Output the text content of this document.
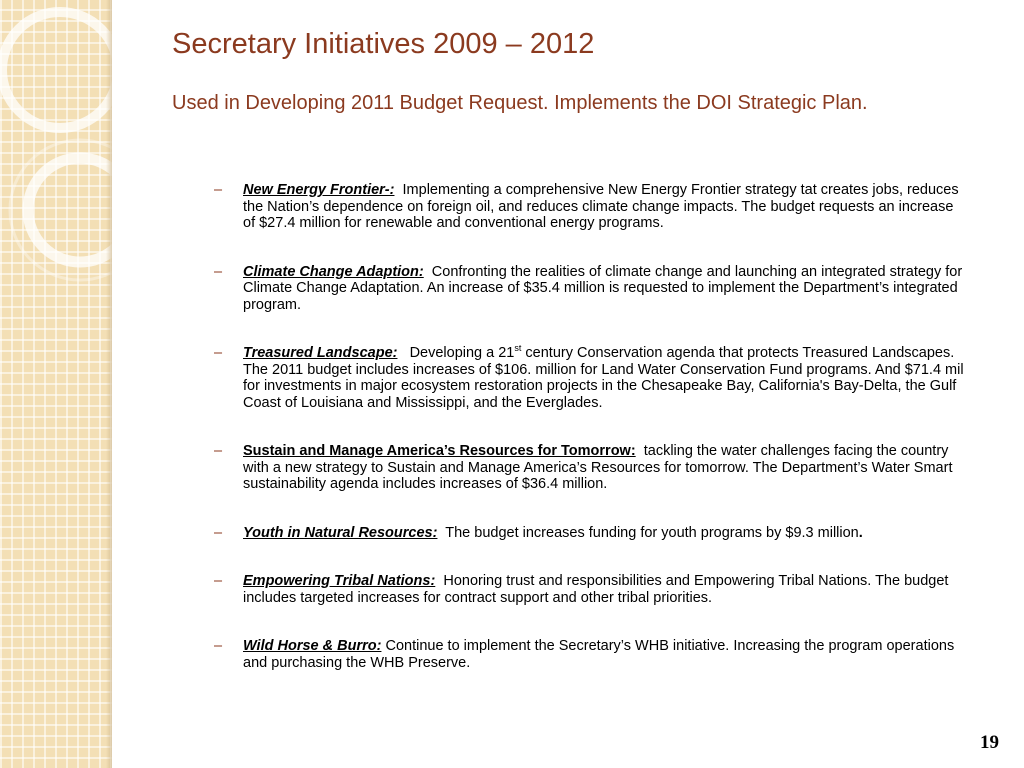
Secretary Initiatives 2009 – 2012
Used in Developing 2011 Budget Request. Implements the DOI Strategic Plan.
– New Energy Frontier-: Implementing a comprehensive New Energy Frontier strategy tat creates jobs, reduces the Nation’s dependence on foreign oil, and reduces climate change impacts. The budget requests an increase of $27.4 million for renewable and conventional energy programs.
– Climate Change Adaption: Confronting the realities of climate change and launching an integrated strategy for Climate Change Adaptation. An increase of $35.4 million is requested to implement the Department’s integrated program.
– Treasured Landscape: Developing a 21st century Conservation agenda that protects Treasured Landscapes. The 2011 budget includes increases of $106. million for Land Water Conservation Fund programs. And $71.4 mil for investments in major ecosystem restoration projects in the Chesapeake Bay, California's Bay-Delta, the Gulf Coast of Louisiana and Mississippi, and the Everglades.
– Sustain and Manage America’s Resources for Tomorrow: tackling the water challenges facing the country with a new strategy to Sustain and Manage America’s Resources for tomorrow. The Department’s Water Smart sustainability agenda includes increases of $36.4 million.
– Youth in Natural Resources: The budget increases funding for youth programs by $9.3 million.
– Empowering Tribal Nations: Honoring trust and responsibilities and Empowering Tribal Nations. The budget includes targeted increases for contract support and other tribal priorities.
– Wild Horse & Burro: Continue to implement the Secretary’s WHB initiative. Increasing the program operations and purchasing the WHB Preserve.
19
